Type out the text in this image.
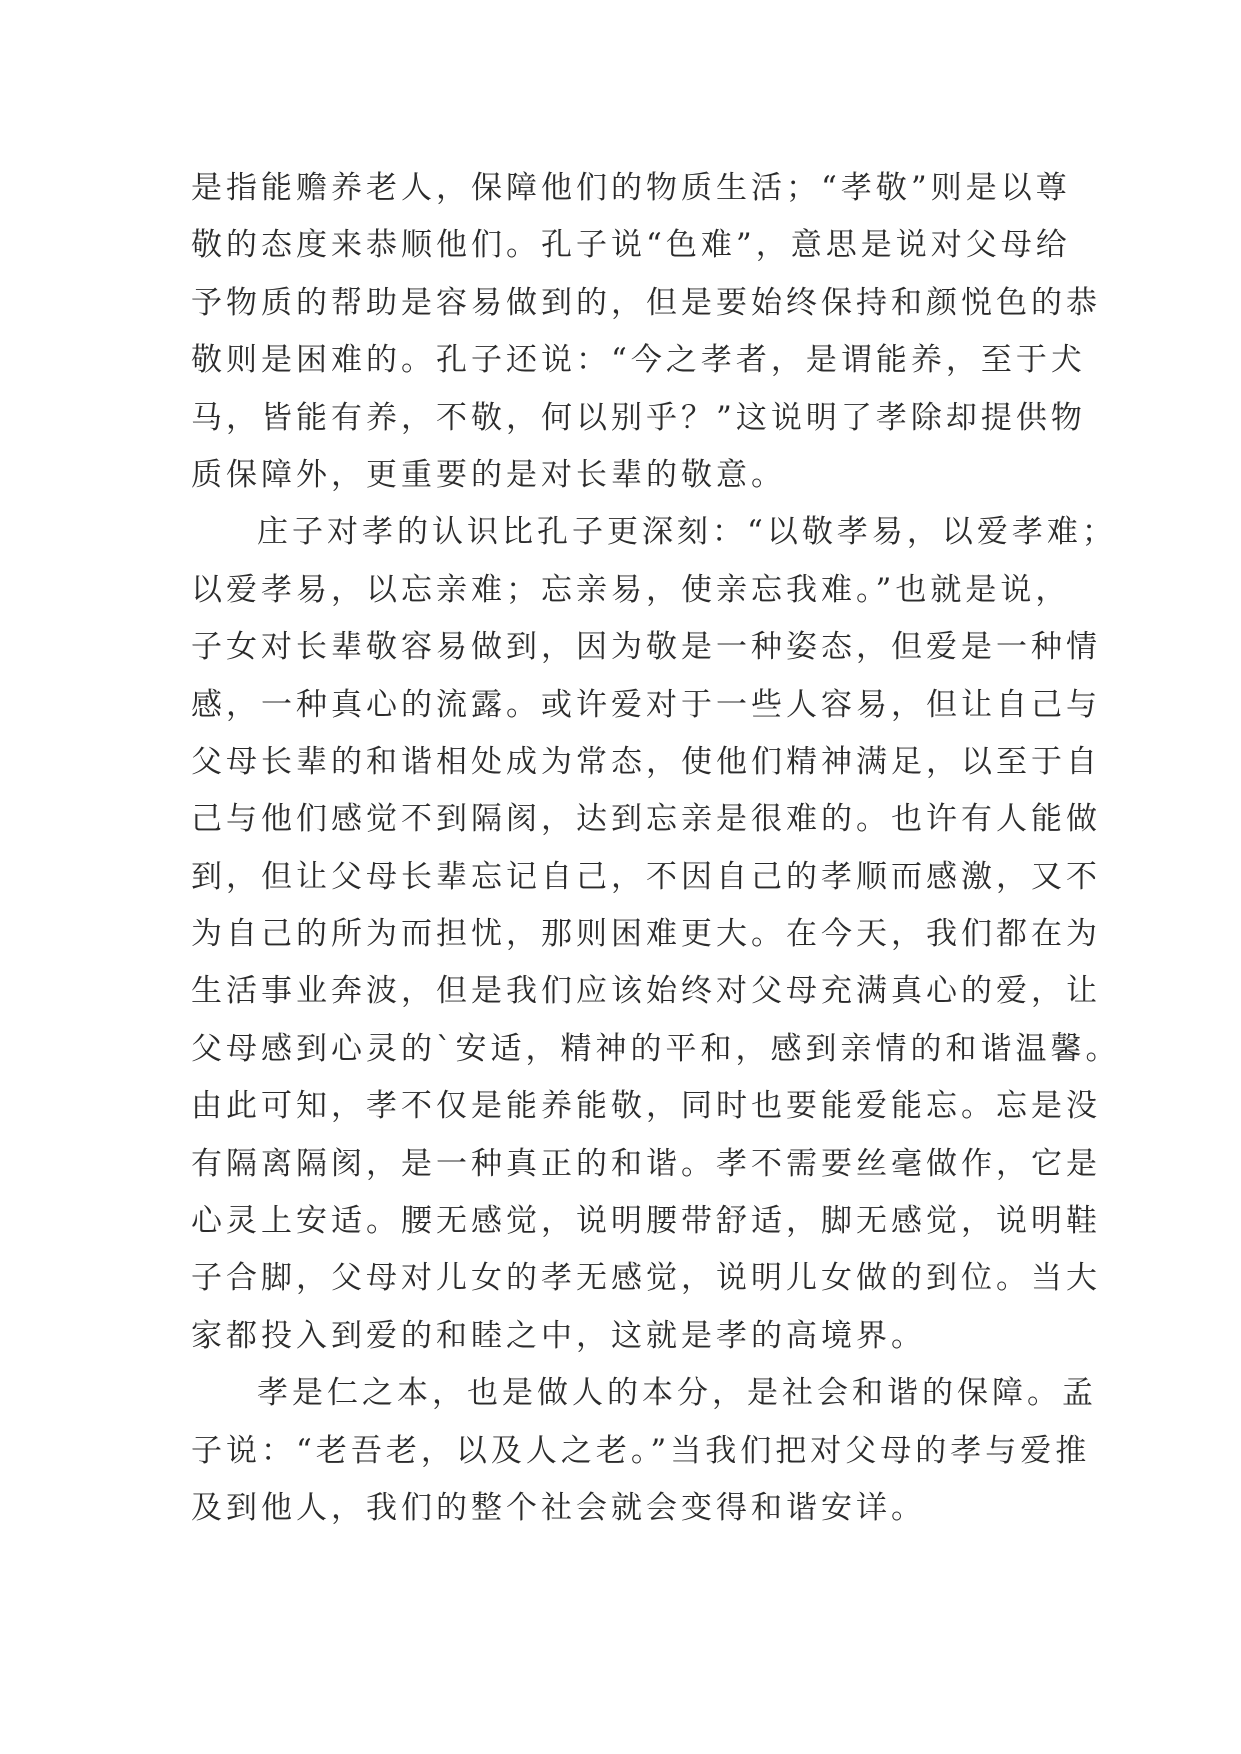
是指能赡养老人，保障他们的物质生活；“孝敬”则是以尊
敬的态度来恭顺他们。孔子说“色难”，意思是说对父母给
予物质的帮助是容易做到的，但是要始终保持和颜悦色的恭
敬则是困难的。孔子还说：“今之孝者，是谓能养，至于犬
马，皆能有养，不敬，何以别乎？”这说明了孝除却提供物
质保障外，更重要的是对长辈的敬意。
庄子对孝的认识比孔子更深刻：“以敬孝易，以爱孝难；
以爱孝易，以忘亲难；忘亲易，使亲忘我难。”也就是说，
子女对长辈敬容易做到，因为敬是一种姿态，但爱是一种情
感，一种真心的流露。或许爱对于一些人容易，但让自己与
父母长辈的和谐相处成为常态，使他们精神满足，以至于自
己与他们感觉不到隔阂，达到忘亲是很难的。也许有人能做
到，但让父母长辈忘记自己，不因自己的孝顺而感激，又不
为自己的所为而担忧，那则困难更大。在今天，我们都在为
生活事业奔波，但是我们应该始终对父母充满真心的爱，让
父母感到心灵的`安适，精神的平和，感到亲情的和谐温馨。
由此可知，孝不仅是能养能敬，同时也要能爱能忘。忘是没
有隔离隔阂，是一种真正的和谐。孝不需要丝毫做作，它是
心灵上安适。腰无感觉，说明腰带舒适，脚无感觉，说明鞋
子合脚，父母对儿女的孝无感觉，说明儿女做的到位。当大
家都投入到爱的和睦之中，这就是孝的高境界。
孝是仁之本，也是做人的本分，是社会和谐的保障。孟
子说：“老吾老，以及人之老。”当我们把对父母的孝与爱推
及到他人，我们的整个社会就会变得和谐安详。
